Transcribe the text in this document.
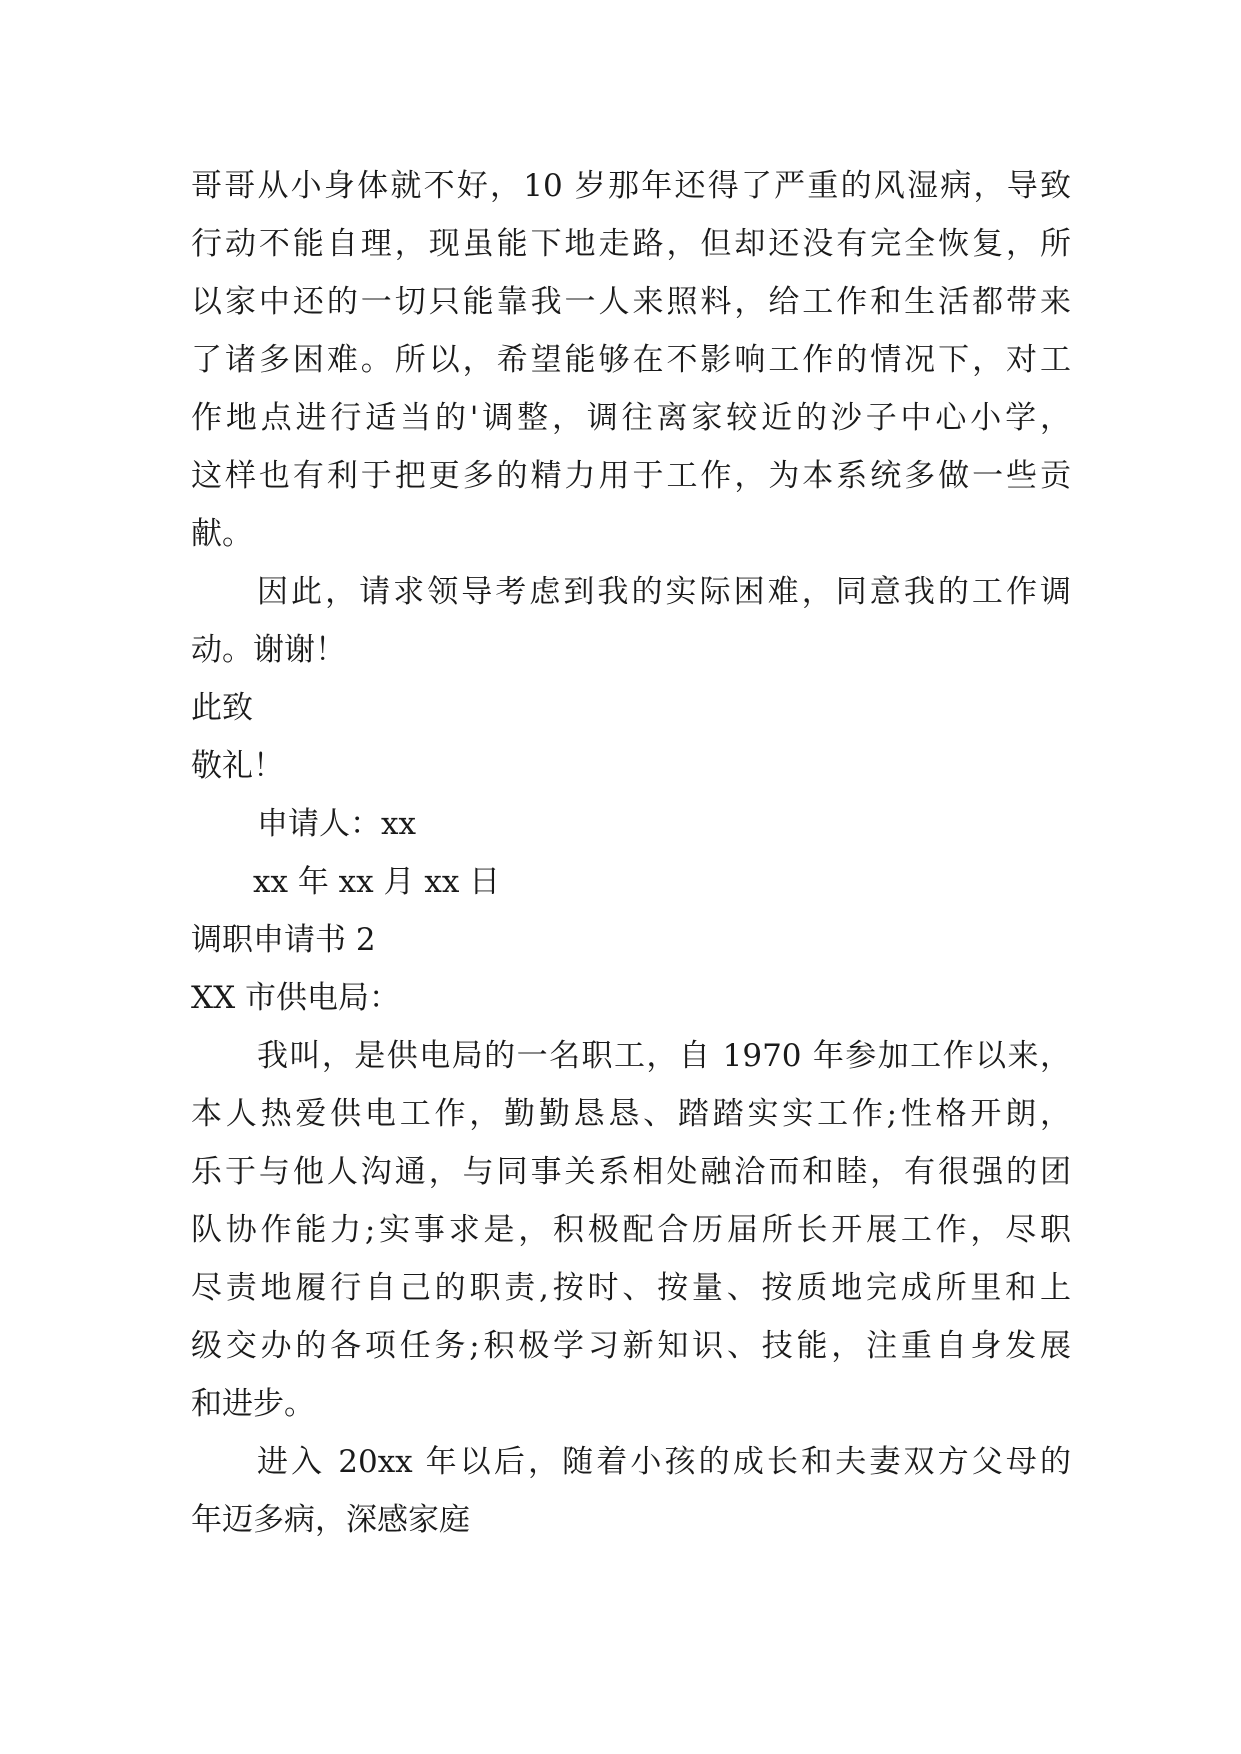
哥哥从小身体就不好，10 岁那年还得了严重的风湿病，导致
行动不能自理，现虽能下地走路，但却还没有完全恢复，所
以家中还的一切只能靠我一人来照料，给工作和生活都带来
了诸多困难。所以，希望能够在不影响工作的情况下，对工
作地点进行适当的'调整，调往离家较近的沙子中心小学，
这样也有利于把更多的精力用于工作，为本系统多做一些贡
献。
因此，请求领导考虑到我的实际困难，同意我的工作调
动。谢谢！
此致
敬礼！
申请人：xx
xx 年 xx 月 xx 日
调职申请书 2
XX 市供电局：
我叫，是供电局的一名职工，自 1970 年参加工作以来，
本人热爱供电工作，勤勤恳恳、踏踏实实工作;性格开朗，
乐于与他人沟通，与同事关系相处融洽而和睦，有很强的团
队协作能力;实事求是，积极配合历届所长开展工作，尽职
尽责地履行自己的职责,按时、按量、按质地完成所里和上
级交办的各项任务;积极学习新知识、技能，注重自身发展
和进步。
进入 20xx 年以后，随着小孩的成长和夫妻双方父母的
年迈多病，深感家庭
